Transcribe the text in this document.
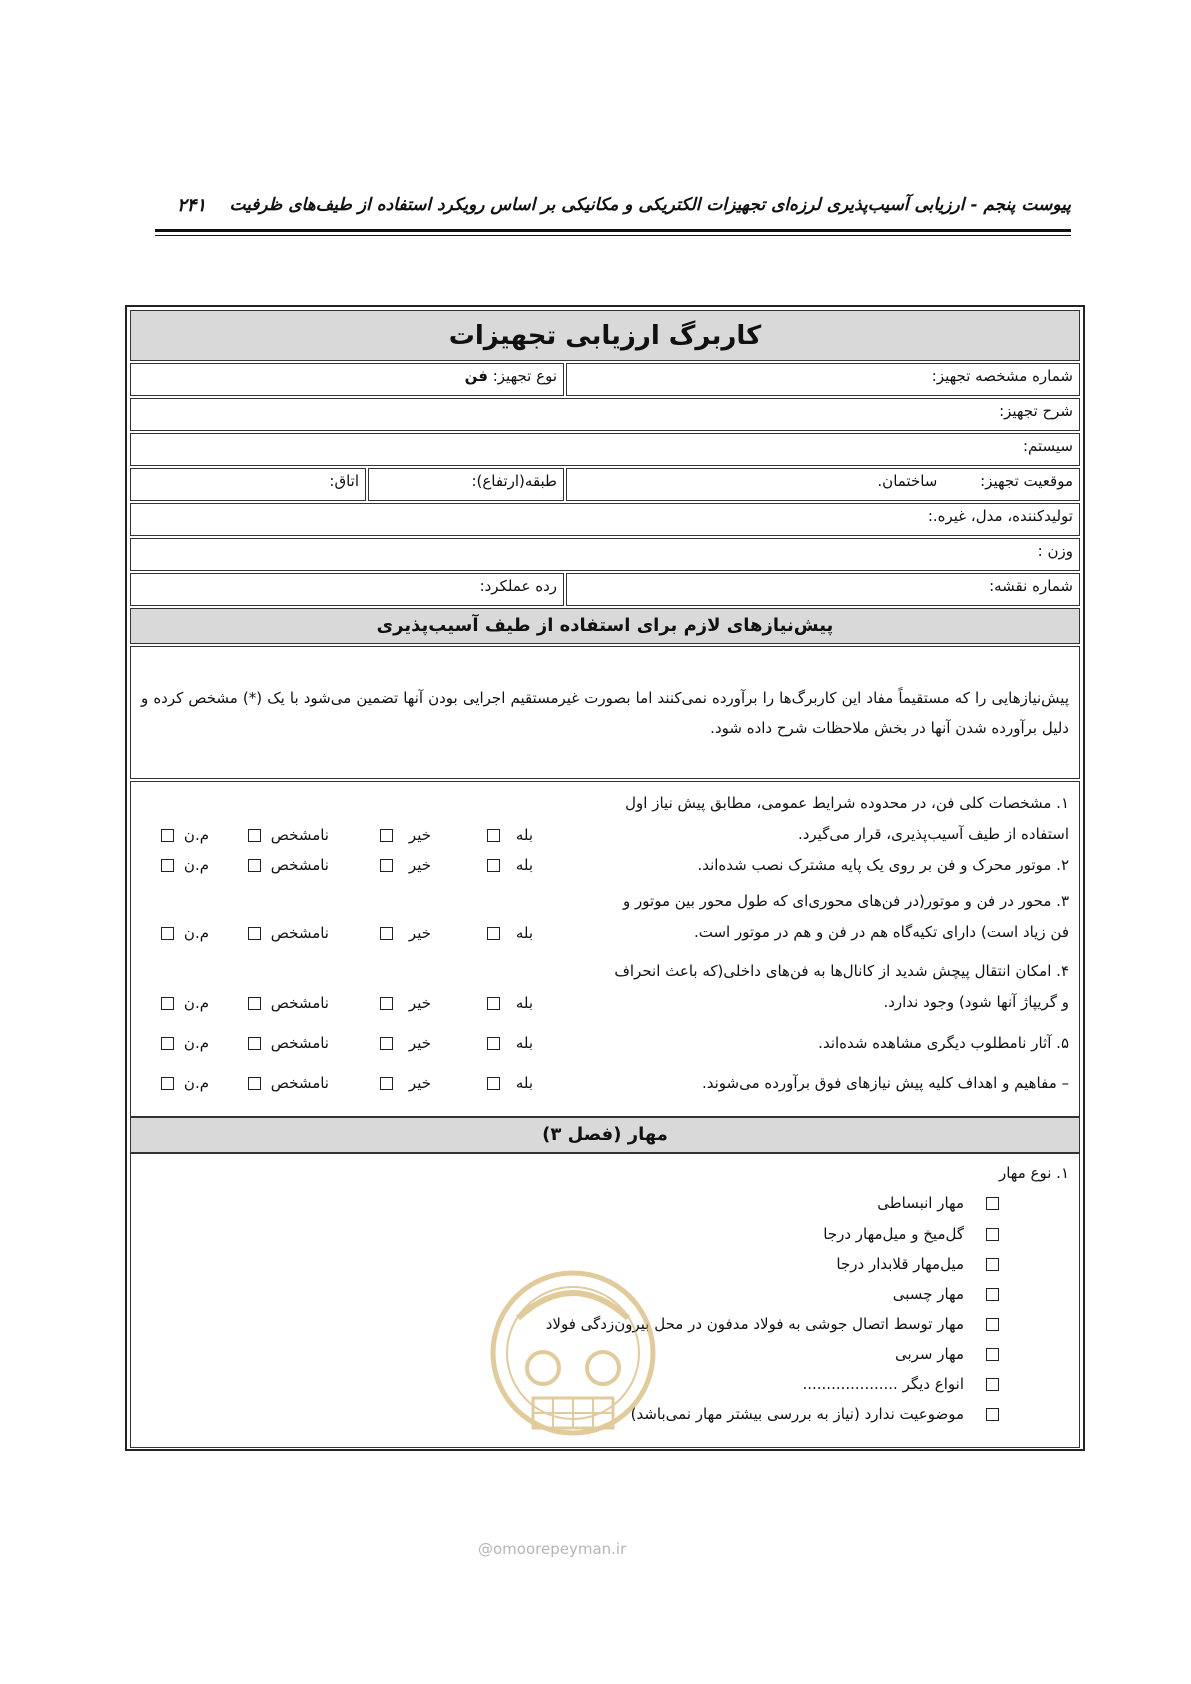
پیوست پنجم - ارزیابی آسیب‌پذیری لرزه‌ای تجهیزات الکتریکی و مکانیکی بر اساس رویکرد استفاده از طیف‌های ظرفیت
۲۴۱
کاربرگ ارزیابی تجهیزات
شماره مشخصه تجهیز:
نوع تجهیز: فن
شرح تجهیز:
سیستم:
موقعیت تجهیز: ساختمان.
طبقه(ارتفاع):
اتاق:
تولیدکننده، مدل، غیره.:
وزن :
شماره نقشه:
رده عملکرد:
پیش‌نیازهای لازم برای استفاده از طیف آسیب‌پذیری
پیش‌نیازهایی را که مستقیماً مفاد این کاربرگ‌ها را برآورده نمی‌کنند اما بصورت غیرمستقیم اجرایی بودن آنها تضمین می‌شود با یک (*) مشخص کرده و دلیل برآورده شدن آنها در بخش ملاحظات شرح داده شود.
۱. مشخصات کلی فن، در محدوده شرایط عمومی، مطابق پیش نیاز اول
استفاده از طیف آسیب‌پذیری، قرار می‌گیرد.
بله
خیر
نامشخص
م.ن
۲. موتور محرک و فن بر روی یک پایه مشترک نصب شده‌اند.
بله
خیر
نامشخص
م.ن
۳. محور در فن و موتور(در فن‌های محوری‌ای که طول محور بین موتور و
فن زیاد است) دارای تکیه‌گاه هم در فن و هم در موتور است.
بله
خیر
نامشخص
م.ن
۴. امکان انتقال پیچش شدید از کانال‌ها به فن‌های داخلی(که باعث انحراف
و گریپاژ آنها شود) وجود ندارد.
بله
خیر
نامشخص
م.ن
۵. آثار نامطلوب دیگری مشاهده شده‌اند.
بله
خیر
نامشخص
م.ن
– مفاهیم و اهداف کلیه پیش نیازهای فوق برآورده می‌شوند.
بله
خیر
نامشخص
م.ن
مهار (فصل ۳)
۱. نوع مهار
مهار انبساطی
گل‌میخ و میل‌مهار درجا
میل‌مهار قلابدار درجا
مهار چسبی
مهار توسط اتصال جوشی به فولاد مدفون در محل بیرون‌زدگی فولاد
مهار سربی
انواع دیگر ....................
موضوعیت ندارد (نیاز به بررسی بیشتر مهار نمی‌باشد)
@omoorepeyman.ir
